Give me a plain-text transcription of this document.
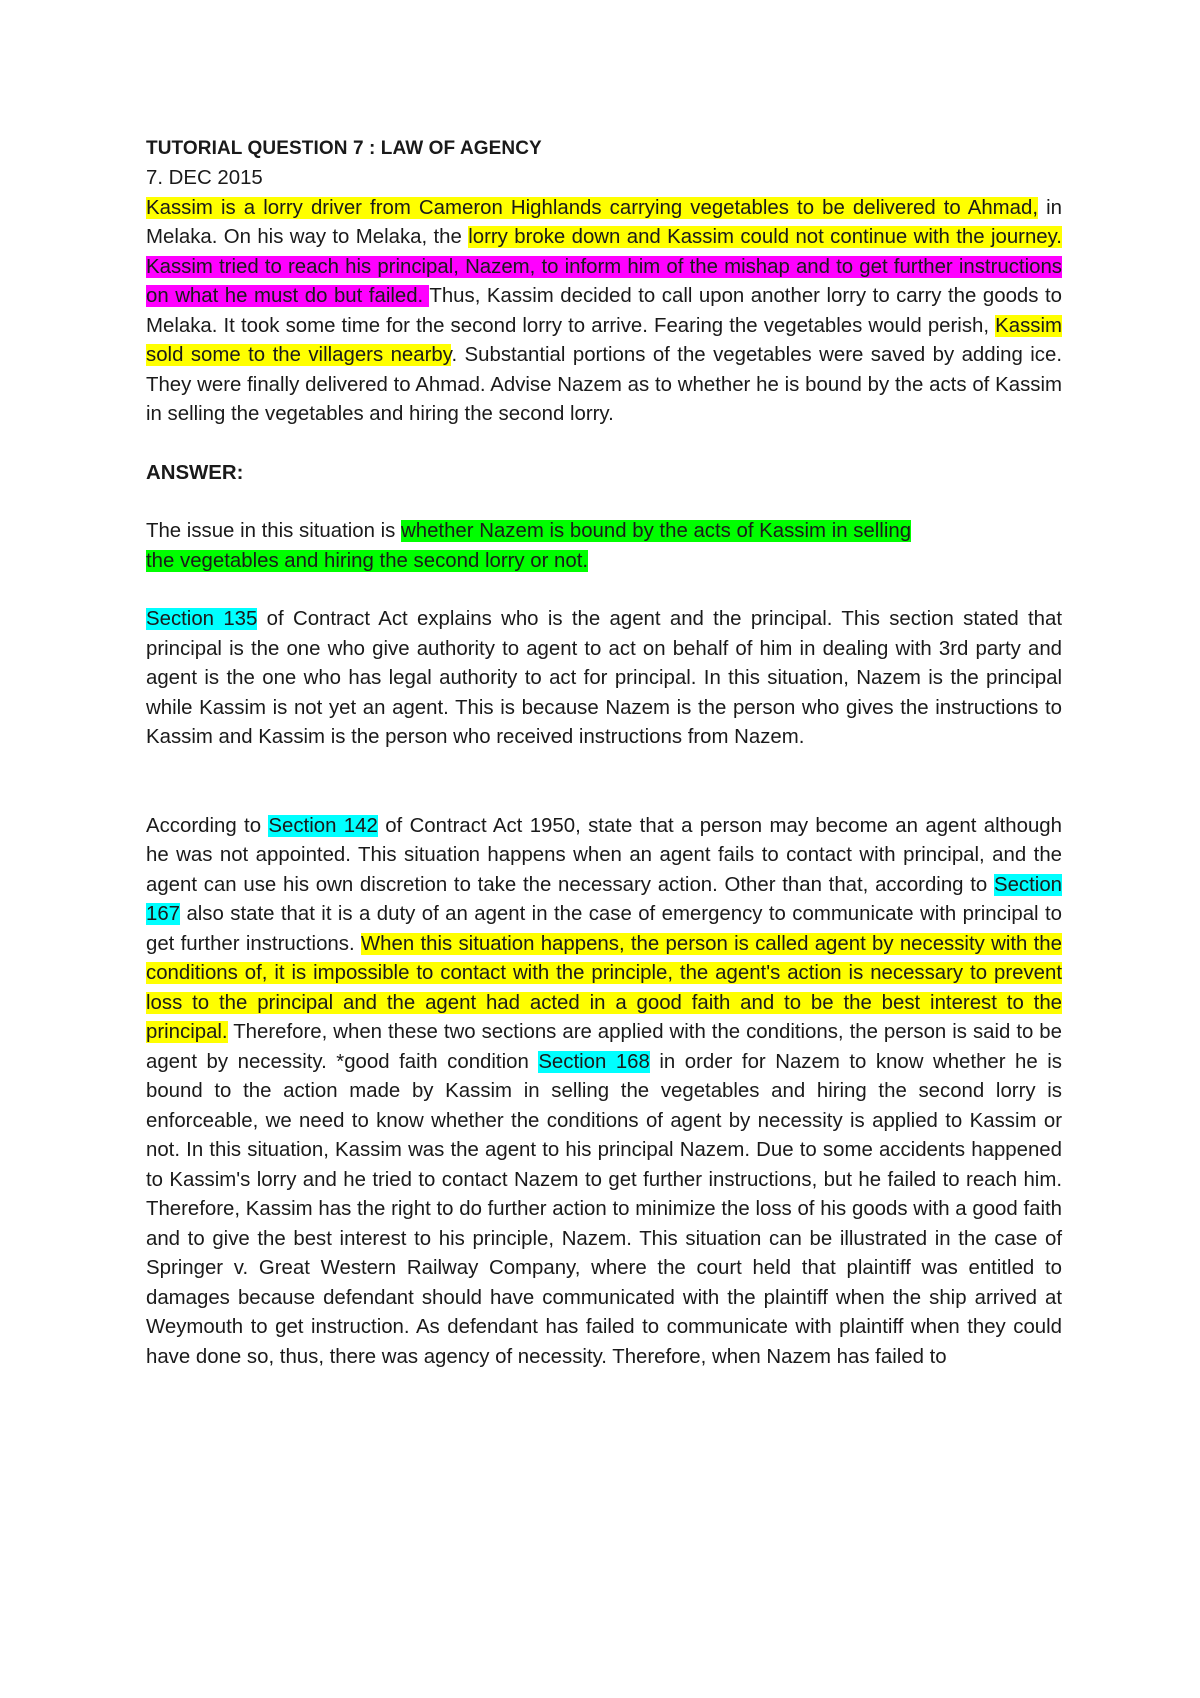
TUTORIAL QUESTION 7 : LAW OF AGENCY

7. DEC 2015

Kassim is a lorry driver from Cameron Highlands carrying vegetables to be delivered to Ahmad, in Melaka. On his way to Melaka, the lorry broke down and Kassim could not continue with the journey. Kassim tried to reach his principal, Nazem, to inform him of the mishap and to get further instructions on what he must do but failed. Thus, Kassim decided to call upon another lorry to carry the goods to Melaka. It took some time for the second lorry to arrive. Fearing the vegetables would perish, Kassim sold some to the villagers nearby. Substantial portions of the vegetables were saved by adding ice. They were finally delivered to Ahmad. Advise Nazem as to whether he is bound by the acts of Kassim in selling the vegetables and hiring the second lorry.

ANSWER:

The issue in this situation is whether Nazem is bound by the acts of Kassim in selling
the vegetables and hiring the second lorry or not.

Section 135 of Contract Act explains who is the agent and the principal. This section stated that principal is the one who give authority to agent to act on behalf of him in dealing with 3rd party and agent is the one who has legal authority to act for principal. In this situation, Nazem is the principal while Kassim is not yet an agent. This is because Nazem is the person who gives the instructions to Kassim and Kassim is the person who received instructions from Nazem.

According to Section 142 of Contract Act 1950, state that a person may become an agent although he was not appointed. This situation happens when an agent fails to contact with principal, and the agent can use his own discretion to take the necessary action. Other than that, according to Section 167 also state that it is a duty of an agent in the case of emergency to communicate with principal to get further instructions. When this situation happens, the person is called agent by necessity with the conditions of, it is impossible to contact with the principle, the agent's action is necessary to prevent loss to the principal and the agent had acted in a good faith and to be the best interest to the principal. Therefore, when these two sections are applied with the conditions, the person is said to be agent by necessity. *good faith condition Section 168 in order for Nazem to know whether he is bound to the action made by Kassim in selling the vegetables and hiring the second lorry is enforceable, we need to know whether the conditions of agent by necessity is applied to Kassim or not. In this situation, Kassim was the agent to his principal Nazem. Due to some accidents happened to Kassim's lorry and he tried to contact Nazem to get further instructions, but he failed to reach him. Therefore, Kassim has the right to do further action to minimize the loss of his goods with a good faith and to give the best interest to his principle, Nazem. This situation can be illustrated in the case of Springer v. Great Western Railway Company, where the court held that plaintiff was entitled to damages because defendant should have communicated with the plaintiff when the ship arrived at Weymouth to get instruction. As defendant has failed to communicate with plaintiff when they could have done so, thus, there was agency of necessity. Therefore, when Nazem has failed to
